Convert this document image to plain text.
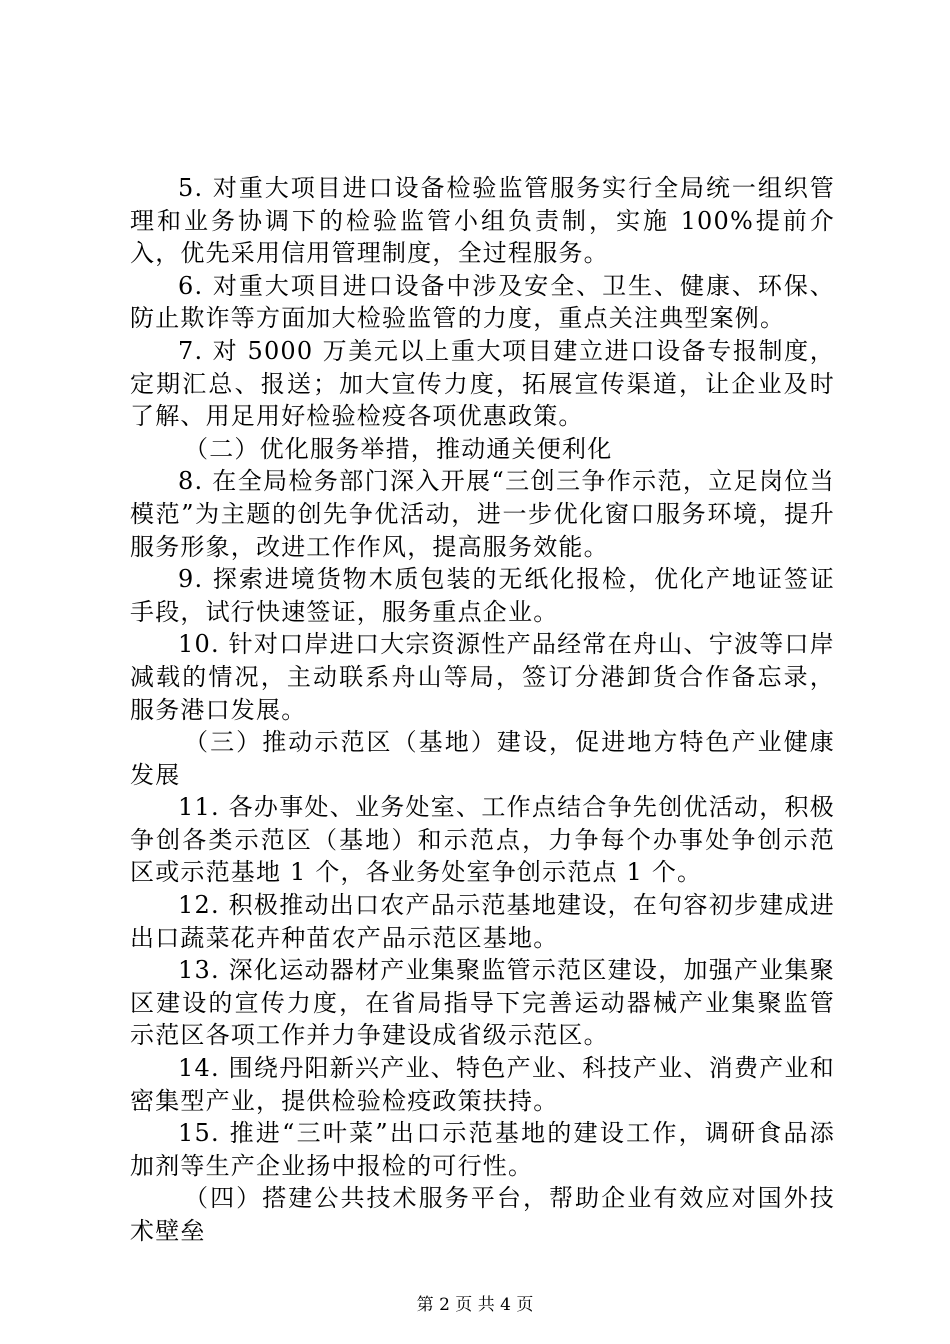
5. 对重大项目进口设备检验监管服务实行全局统一组织管理和业务协调下的检验监管小组负责制，实施 100%提前介入，优先采用信用管理制度，全过程服务。

6. 对重大项目进口设备中涉及安全、卫生、健康、环保、防止欺诈等方面加大检验监管的力度，重点关注典型案例。

7. 对 5000 万美元以上重大项目建立进口设备专报制度，定期汇总、报送；加大宣传力度，拓展宣传渠道，让企业及时了解、用足用好检验检疫各项优惠政策。

（二）优化服务举措，推动通关便利化

8. 在全局检务部门深入开展“三创三争作示范，立足岗位当模范”为主题的创先争优活动，进一步优化窗口服务环境，提升服务形象，改进工作作风，提高服务效能。

9. 探索进境货物木质包装的无纸化报检，优化产地证签证手段，试行快速签证，服务重点企业。

10. 针对口岸进口大宗资源性产品经常在舟山、宁波等口岸减载的情况，主动联系舟山等局，签订分港卸货合作备忘录，服务港口发展。

（三）推动示范区（基地）建设，促进地方特色产业健康发展

11. 各办事处、业务处室、工作点结合争先创优活动，积极争创各类示范区（基地）和示范点，力争每个办事处争创示范区或示范基地 1 个，各业务处室争创示范点 1 个。

12. 积极推动出口农产品示范基地建设，在句容初步建成进出口蔬菜花卉种苗农产品示范区基地。

13. 深化运动器材产业集聚监管示范区建设，加强产业集聚区建设的宣传力度，在省局指导下完善运动器械产业集聚监管示范区各项工作并力争建设成省级示范区。

14. 围绕丹阳新兴产业、特色产业、科技产业、消费产业和密集型产业，提供检验检疫政策扶持。

15. 推进“三叶菜”出口示范基地的建设工作，调研食品添加剂等生产企业扬中报检的可行性。

（四）搭建公共技术服务平台，帮助企业有效应对国外技术壁垒

第 2 页 共 4 页
